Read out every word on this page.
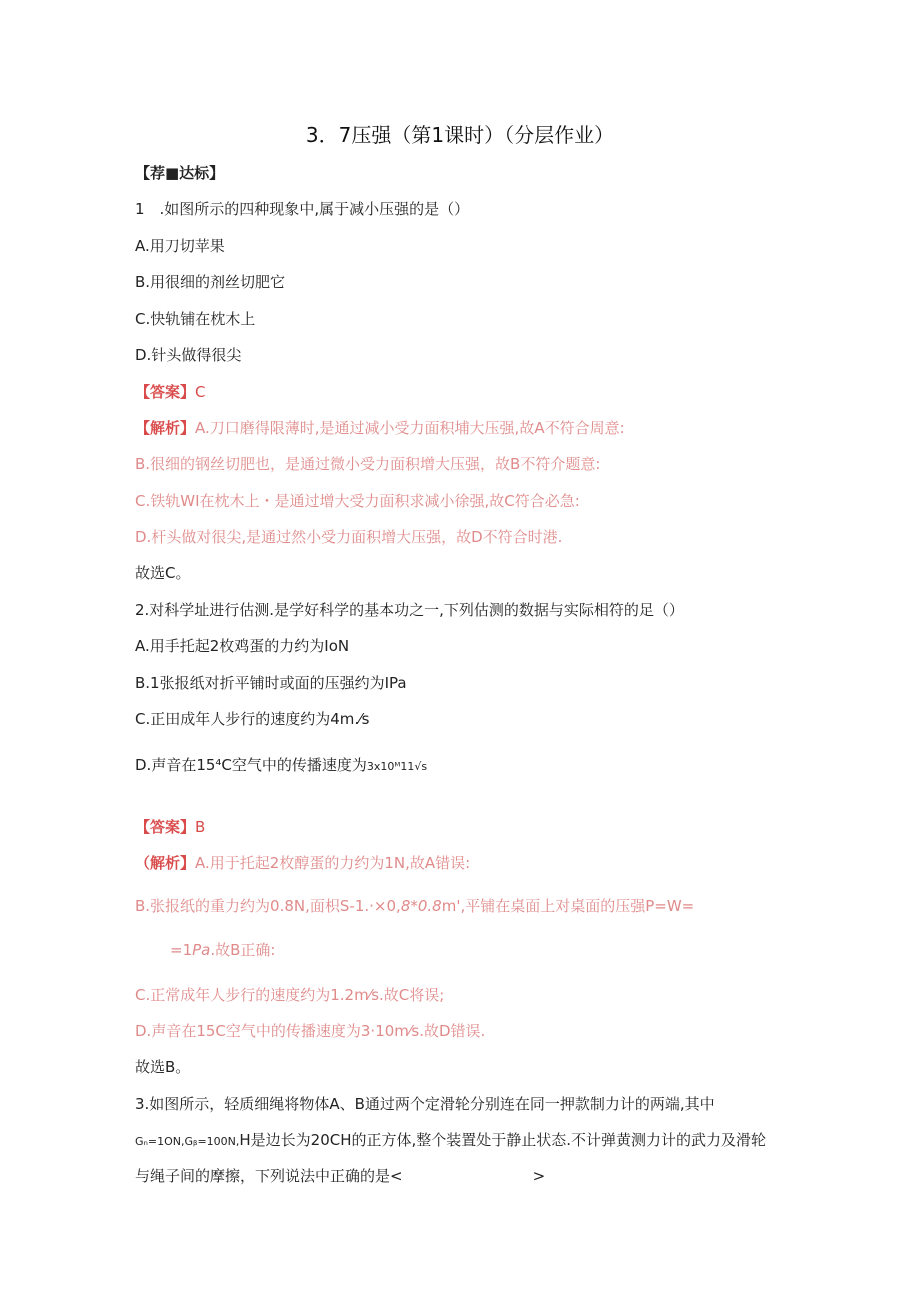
3．7压强（第1课时）（分层作业）
【荐■达标】
1　.如图所示的四种现象中,属于减小压强的是（）
A.用刀切苹果
B.用很细的剂丝切肥它
C.快轨铺在枕木上
D.针头做得很尖
【答案】C
【解析】A.刀口磨得限薄时,是通过减小受力面积埔大压强,故A不符合周意:
B.很细的钢丝切肥也，是通过微小受力面积增大压强，故B不符介题意:
C.铁轨WI在枕木上・是通过增大受力面积求减小徐强,故C符合必急:
D.杆头做对很尖,是通过然小受力面积增大压强，故D不符合时港.
故选C。
2.对科学址进行估测.是学好科学的基本功之一,下列估测的数据与实际相符的足（）
A.用手托起2枚鸡蛋的力约为IoN
B.1张报纸对折平铺时或面的压强约为IPa
C.正田成年人步行的速度约为4m.⁄s
D.声音在15⁴C空气中的传播速度为3x10ᴹ11√s
【答案】B
（解析】A.用于托起2枚醇蛋的力约为1N,故A错误:
B.张报纸的重力约为0.8N,面枳S-1.·×0,8*0.8m',平铺在桌面上对桌面的压强P=W=
=1Pa.故B正确:
C.正常成年人步行的速度约为1.2m⁄s.故C将误;
D.声音在15C空气中的传播速度为3·10m⁄s.故D错误.
故选B。
3.如图所示，轻质细绳将物体A、B通过两个定滑轮分别连在同一押款制力计的两端,其中
Gₙ=1ON,Gᵦ=100N,H是边长为20CH的正方体,整个装置处于静止状态.不计弹黄测力计的武力及滑轮
与绳子间的摩擦，下列说法中正确的是<	>
